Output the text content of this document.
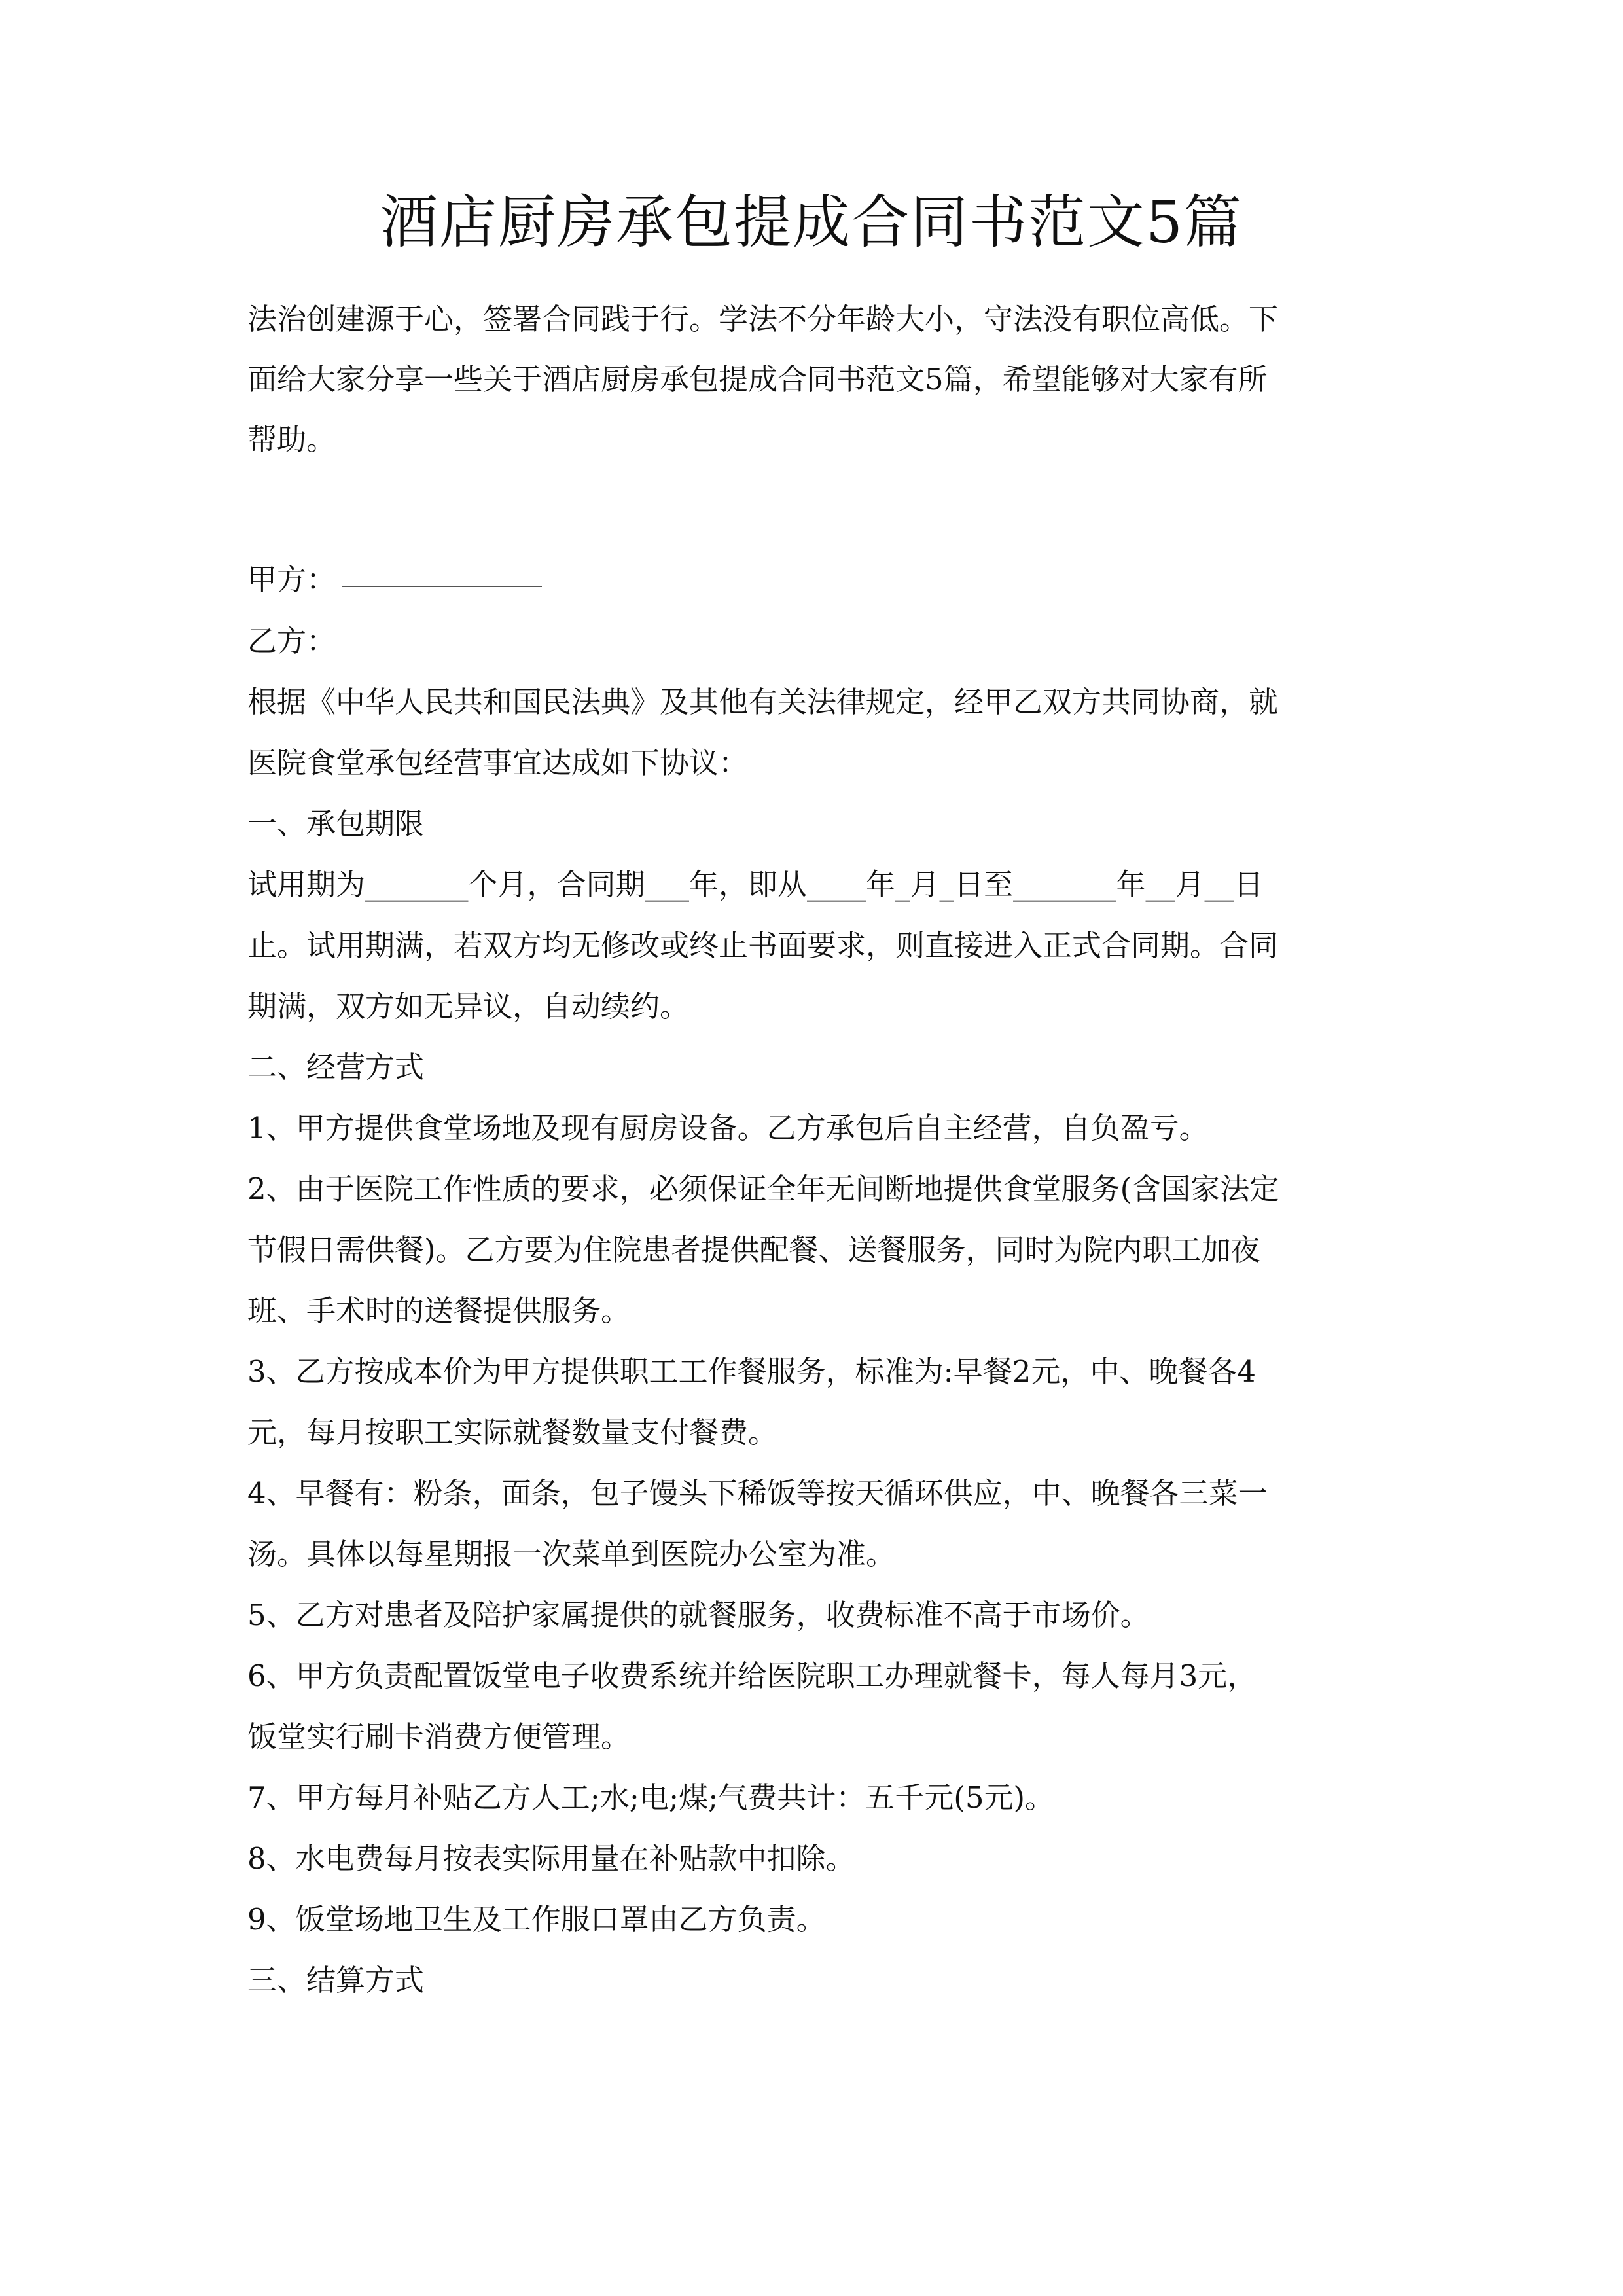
酒店厨房承包提成合同书范文5篇

法治创建源于心，签署合同践于行。学法不分年龄大小，守法没有职位高低。下

面给大家分享一些关于酒店厨房承包提成合同书范文5篇，希望能够对大家有所

帮助。

甲方：

乙方：

根据《中华人民共和国民法典》及其他有关法律规定，经甲乙双方共同协商，就

医院食堂承包经营事宜达成如下协议：

一、承包期限

试用期为_______个月，合同期___年，即从____年_月_日至_______年__月__日

止。试用期满，若双方均无修改或终止书面要求，则直接进入正式合同期。合同

期满，双方如无异议，自动续约。

二、经营方式

1、甲方提供食堂场地及现有厨房设备。乙方承包后自主经营，自负盈亏。

2、由于医院工作性质的要求，必须保证全年无间断地提供食堂服务(含国家法定

节假日需供餐)。乙方要为住院患者提供配餐、送餐服务，同时为院内职工加夜

班、手术时的送餐提供服务。

3、乙方按成本价为甲方提供职工工作餐服务，标准为:早餐2元，中、晚餐各4

元，每月按职工实际就餐数量支付餐费。

4、早餐有：粉条，面条，包子馒头下稀饭等按天循环供应，中、晚餐各三菜一

汤。具体以每星期报一次菜单到医院办公室为准。

5、乙方对患者及陪护家属提供的就餐服务，收费标准不高于市场价。

6、甲方负责配置饭堂电子收费系统并给医院职工办理就餐卡，每人每月3元，

饭堂实行刷卡消费方便管理。

7、甲方每月补贴乙方人工;水;电;煤;气费共计：五千元(5元)。

8、水电费每月按表实际用量在补贴款中扣除。

9、饭堂场地卫生及工作服口罩由乙方负责。

三、结算方式
